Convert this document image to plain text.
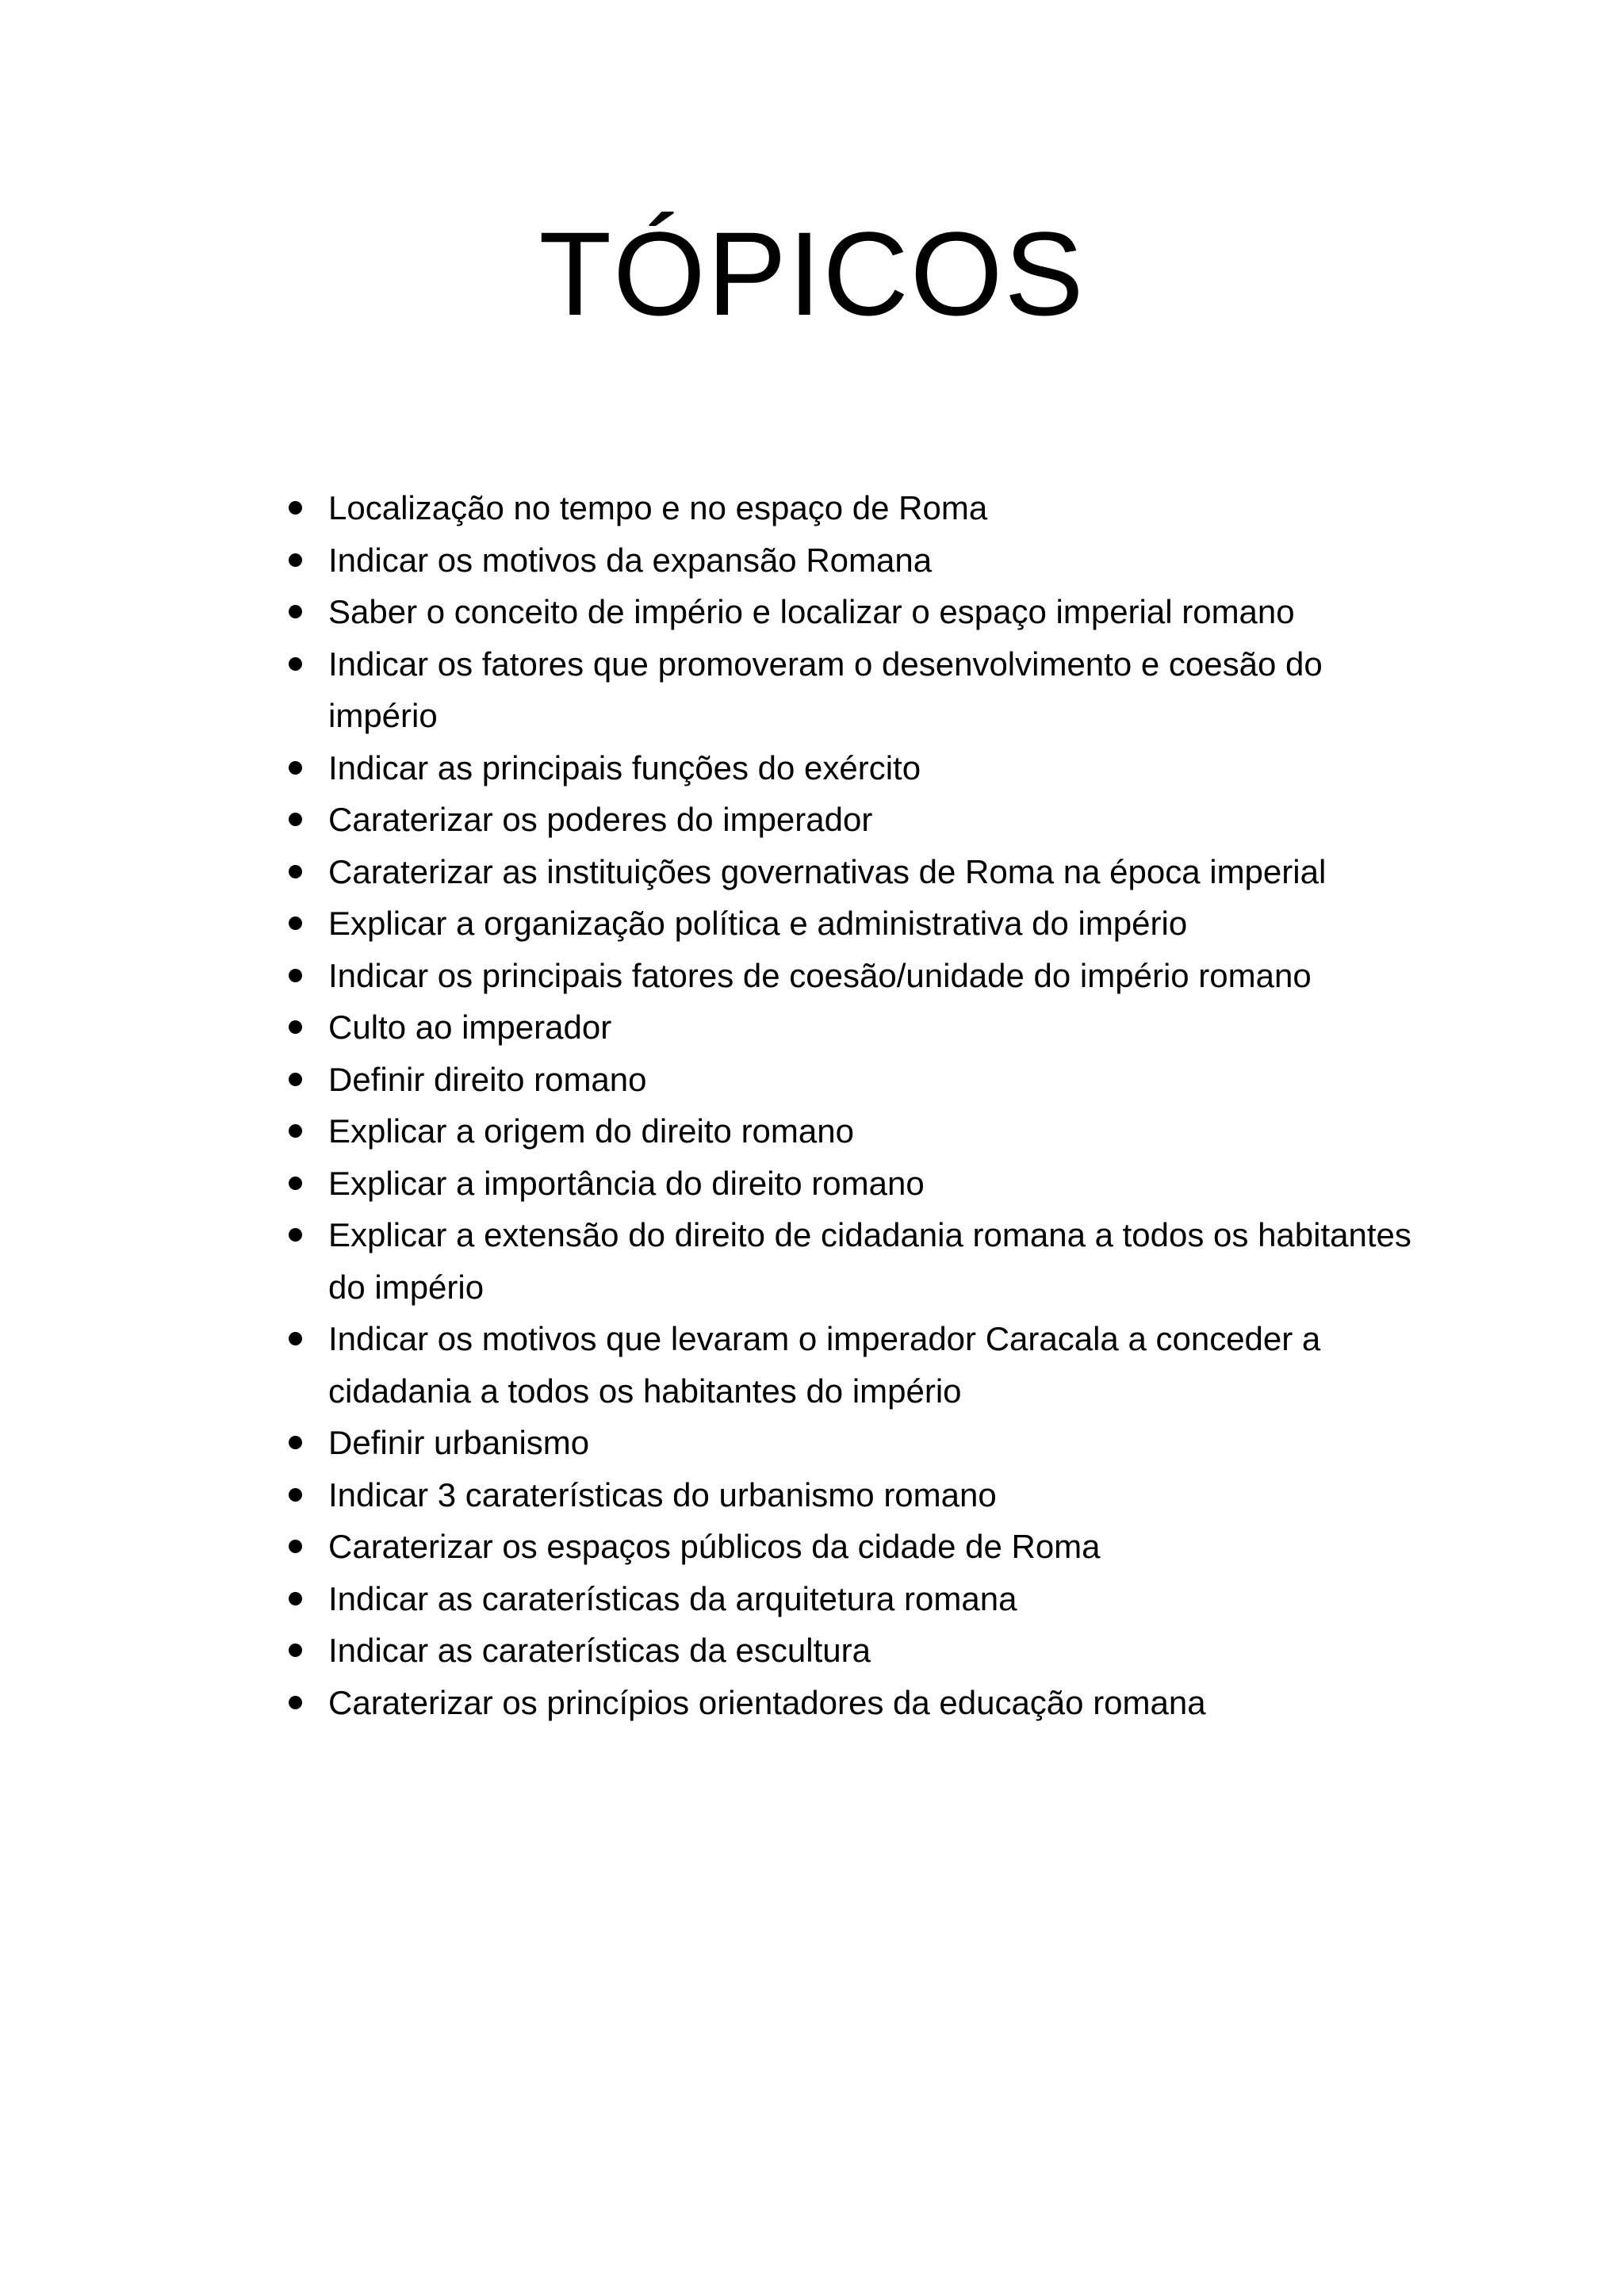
TÓPICOS
Localização no tempo e no espaço de Roma
Indicar os motivos da expansão Romana
Saber o conceito de império e localizar o espaço imperial romano
Indicar os fatores que promoveram o desenvolvimento e coesão do império
Indicar as principais funções do exército
Caraterizar os poderes do imperador
Caraterizar as instituições governativas de Roma na época imperial
Explicar a organização política e administrativa do império
Indicar os principais fatores de coesão/unidade do império romano
Culto ao imperador
Definir direito romano
Explicar a origem do direito romano
Explicar a importância do direito romano
Explicar a extensão do direito de cidadania romana a todos os habitantes do império
Indicar os motivos que levaram o imperador Caracala a conceder a cidadania a todos os habitantes do império
Definir urbanismo
Indicar 3 caraterísticas do urbanismo romano
Caraterizar os espaços públicos da cidade de Roma
Indicar as caraterísticas da arquitetura romana
Indicar as caraterísticas da escultura
Caraterizar os princípios orientadores da educação romana
